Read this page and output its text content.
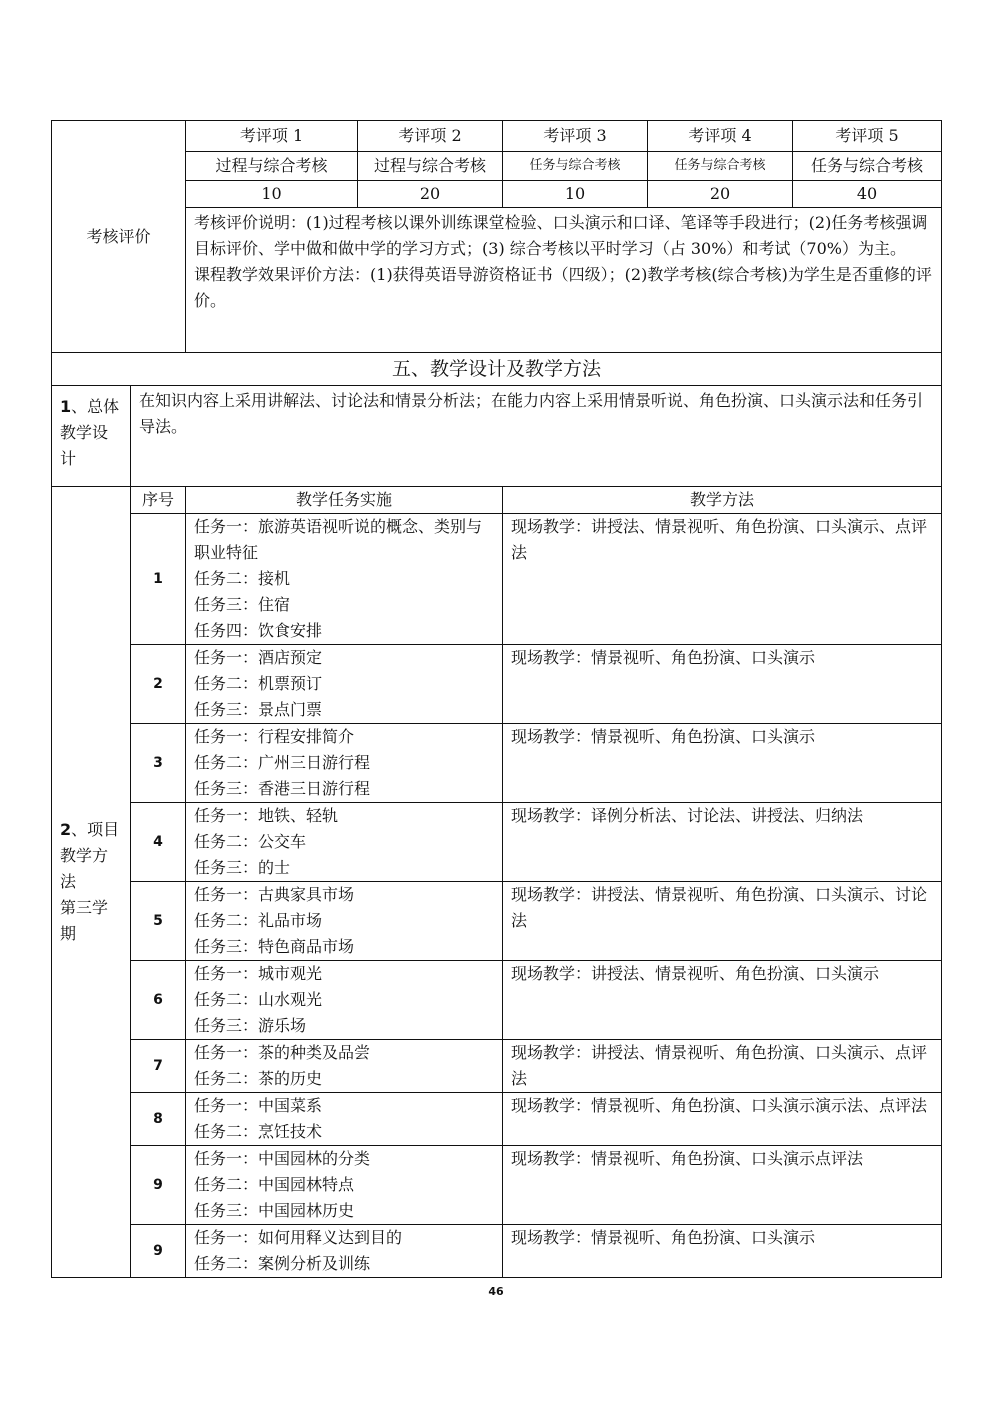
考核评价		考评项 1	考评项 2	考评项 3	考评项 4	考评项 5
		过程与综合考核	过程与综合考核	任务与综合考核	任务与综合考核	任务与综合考核
		10	20	10	20	40

		考核评价说明：(1)过程考核以课外训练课堂检验、口头演示和口译、笔译等手段进行；(2)任务考核强调目标评价、学中做和做中学的学习方式；(3) 综合考核以平时学习（占 30%）和考试（70%）为主。
课程教学效果评价方法：(1)获得英语导游资格证书（四级）；(2)教学考核(综合考核)为学生是否重修的评价。				

五、教学设计及教学方法						
1、总体教学设计	在知识内容上采用讲解法、讨论法和情景分析法；在能力内容上采用情景听说、角色扮演、口头演示法和任务引导法。					
2、项目教学方法
第三学期	序号	教学任务实施		教学方法		
	1	任务一：旅游英语视听说的概念、类别与职业特征
任务二：接机
任务三：住宿
任务四：饮食安排		现场教学：讲授法、情景视听、角色扮演、口头演示、点评法		
	2	任务一：酒店预定
任务二：机票预订
任务三：景点门票		现场教学：情景视听、角色扮演、口头演示		
	3	任务一：行程安排简介
任务二：广州三日游行程
任务三：香港三日游行程		现场教学：情景视听、角色扮演、口头演示		
	4	任务一：地铁、轻轨
任务二：公交车
任务三：的士		现场教学：译例分析法、讨论法、讲授法、归纳法		
	5	任务一：古典家具市场
任务二：礼品市场
任务三：特色商品市场		现场教学：讲授法、情景视听、角色扮演、口头演示、讨论法		
	6	任务一：城市观光
任务二：山水观光
任务三：游乐场		现场教学：讲授法、情景视听、角色扮演、口头演示		
	7	任务一：茶的种类及品尝
任务二：茶的历史		现场教学：讲授法、情景视听、角色扮演、口头演示、点评法		
	8	任务一：中国菜系
任务二：烹饪技术		现场教学：情景视听、角色扮演、口头演示演示法、点评法		
	9	任务一：中国园林的分类
任务二：中国园林特点
任务三：中国园林历史		现场教学：情景视听、角色扮演、口头演示点评法		
	9	任务一：如何用释义达到目的
任务二：案例分析及训练		现场教学：情景视听、角色扮演、口头演示		
46
